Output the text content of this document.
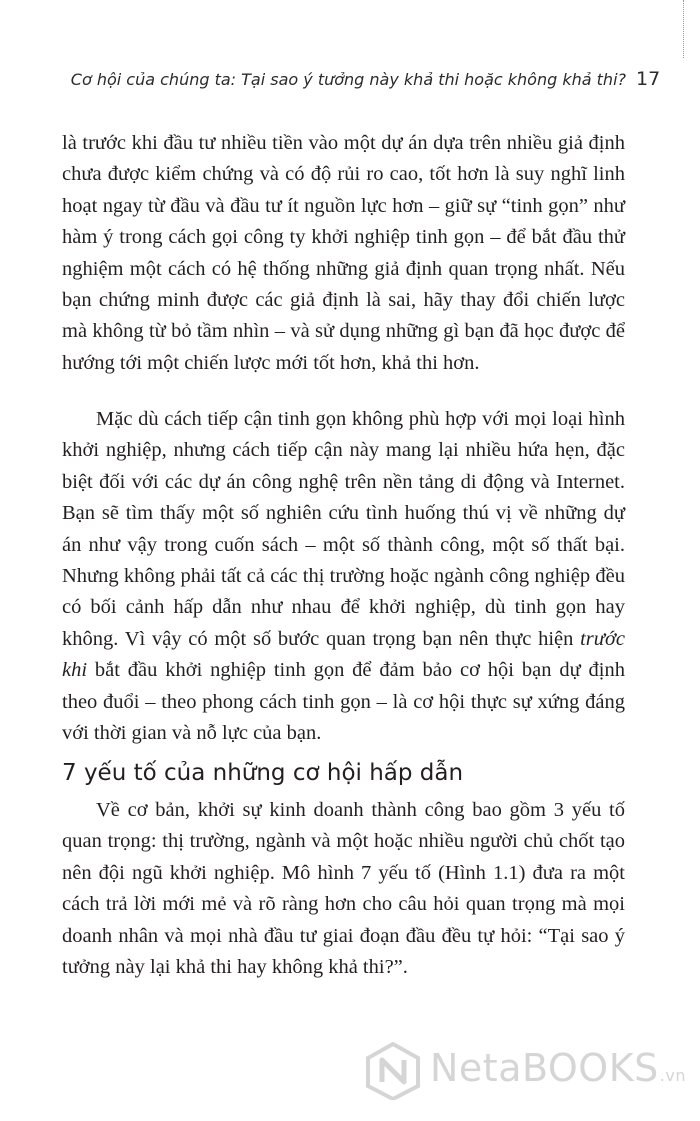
Cơ hội của chúng ta: Tại sao ý tưởng này khả thi hoặc không khả thi? 17

là trước khi đầu tư nhiều tiền vào một dự án dựa trên nhiều giả định chưa được kiểm chứng và có độ rủi ro cao, tốt hơn là suy nghĩ linh hoạt ngay từ đầu và đầu tư ít nguồn lực hơn – giữ sự “tinh gọn” như hàm ý trong cách gọi công ty khởi nghiệp tinh gọn – để bắt đầu thử nghiệm một cách có hệ thống những giả định quan trọng nhất. Nếu bạn chứng minh được các giả định là sai, hãy thay đổi chiến lược mà không từ bỏ tầm nhìn – và sử dụng những gì bạn đã học được để hướng tới một chiến lược mới tốt hơn, khả thi hơn.

Mặc dù cách tiếp cận tinh gọn không phù hợp với mọi loại hình khởi nghiệp, nhưng cách tiếp cận này mang lại nhiều hứa hẹn, đặc biệt đối với các dự án công nghệ trên nền tảng di động và Internet. Bạn sẽ tìm thấy một số nghiên cứu tình huống thú vị về những dự án như vậy trong cuốn sách – một số thành công, một số thất bại. Nhưng không phải tất cả các thị trường hoặc ngành công nghiệp đều có bối cảnh hấp dẫn như nhau để khởi nghiệp, dù tinh gọn hay không. Vì vậy có một số bước quan trọng bạn nên thực hiện trước khi bắt đầu khởi nghiệp tinh gọn để đảm bảo cơ hội bạn dự định theo đuổi – theo phong cách tinh gọn – là cơ hội thực sự xứng đáng với thời gian và nỗ lực của bạn.

7 yếu tố của những cơ hội hấp dẫn

Về cơ bản, khởi sự kinh doanh thành công bao gồm 3 yếu tố quan trọng: thị trường, ngành và một hoặc nhiều người chủ chốt tạo nên đội ngũ khởi nghiệp. Mô hình 7 yếu tố (Hình 1.1) đưa ra một cách trả lời mới mẻ và rõ ràng hơn cho câu hỏi quan trọng mà mọi doanh nhân và mọi nhà đầu tư giai đoạn đầu đều tự hỏi: “Tại sao ý tưởng này lại khả thi hay không khả thi?”.

NetaBOOKS.vn
